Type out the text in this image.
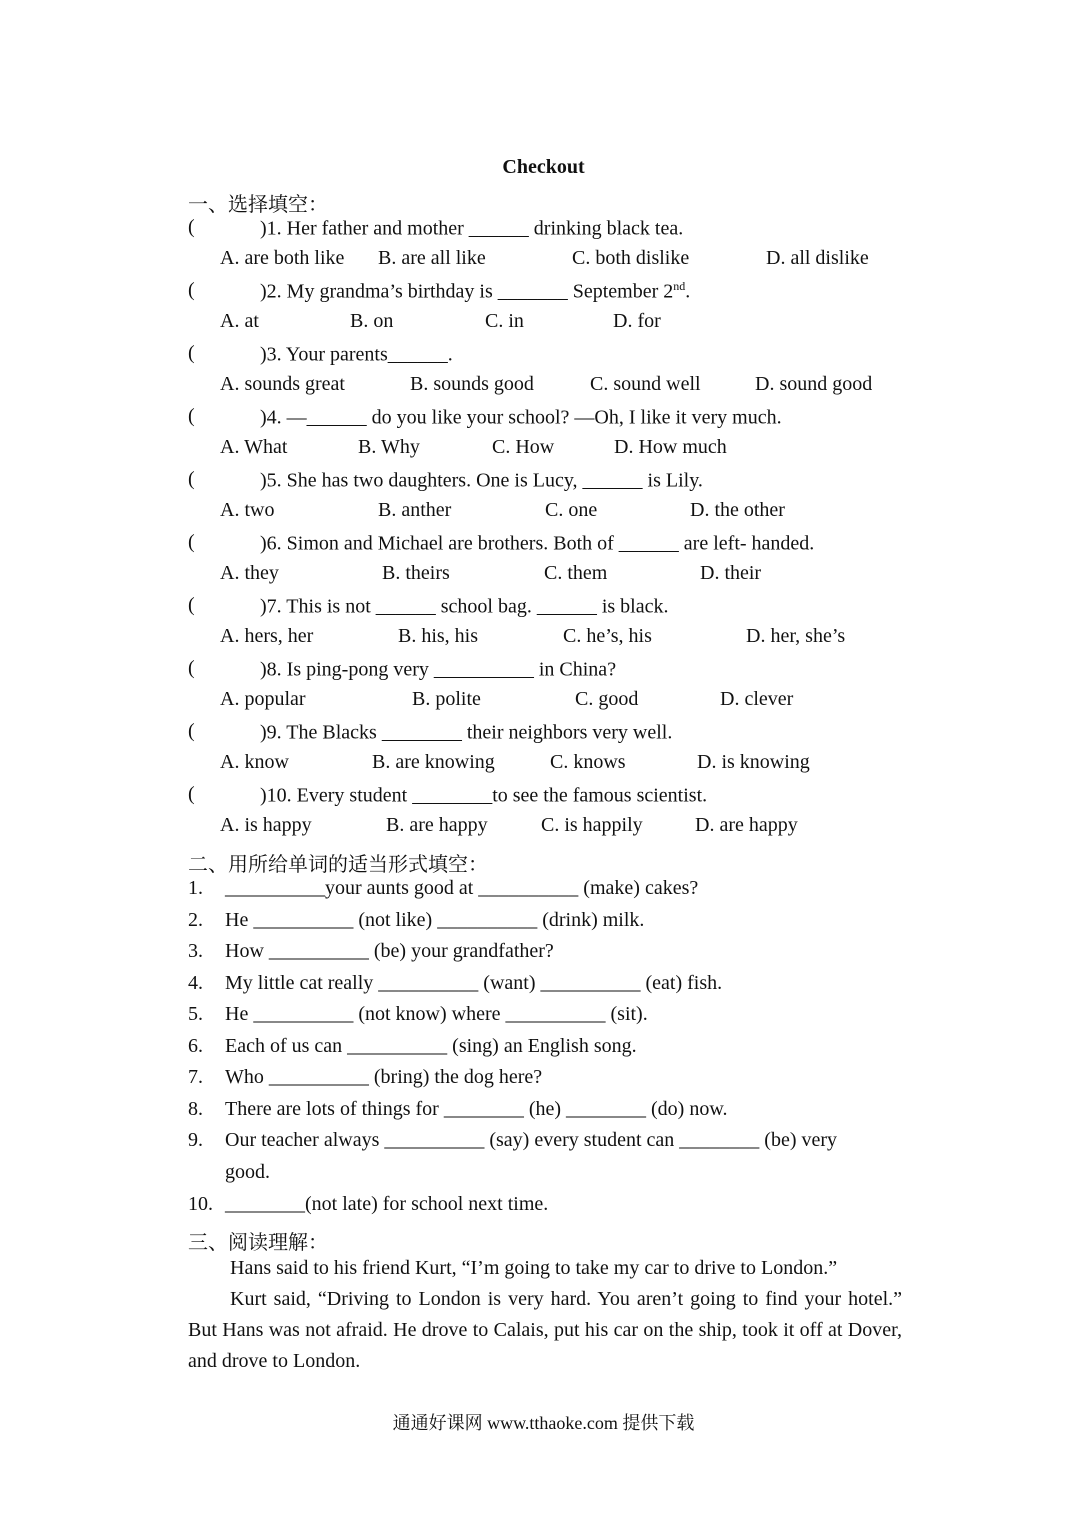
Checkout
一、选择填空：
(	)1. Her father and mother ______ drinking black tea.
A. are both like B. are all like	C. both dislike	D. all dislike
(	)2. My grandma’s birthday is _______ September 2nd.
A. at	B. on	C. in	D. for
(	)3. Your parents______.
A. sounds great	B. sounds good	C. sound well	D. sound good
(	)4. —______ do you like your school? —Oh, I like it very much.
A. What	B. Why	C. How	D. How much
(	)5. She has two daughters. One is Lucy, ______ is Lily.
A. two	B. anther	C. one	D. the other
(	)6. Simon and Michael are brothers. Both of ______ are left- handed.
A. they	B. theirs	C. them	D. their
(	)7. This is not ______ school bag. ______ is black.
A. hers, her	B. his, his	C. he’s, his	D. her, she’s
(	)8. Is ping-pong very __________ in China?
A. popular	B. polite	C. good	D. clever
(	)9. The Blacks ________ their neighbors very well.
A. know	B. are knowing	C. knows	D. is knowing
(	)10. Every student ________to see the famous scientist.
A. is happy	B. are happy	C. is happily	D. are happy
二、用所给单词的适当形式填空：
1. __________your aunts good at __________ (make) cakes?
2. He __________ (not like) __________ (drink) milk.
3. How __________ (be) your grandfather?
4. My little cat really __________ (want) __________ (eat) fish.
5. He __________ (not know) where __________ (sit).
6. Each of us can __________ (sing) an English song.
7. Who __________ (bring) the dog here?
8. There are lots of things for ________ (he) ________ (do) now.
9. Our teacher always __________ (say) every student can ________ (be) very
good.
10. ________(not late) for school next time.
三、阅读理解：
Hans said to his friend Kurt, “I’m going to take my car to drive to London.”
Kurt said, “Driving to London is very hard. You aren’t going to find your hotel.” But Hans was not afraid. He drove to Calais, put his car on the ship, took it off at Dover, and drove to London.
通通好课网 www.tthaoke.com 提供下载
